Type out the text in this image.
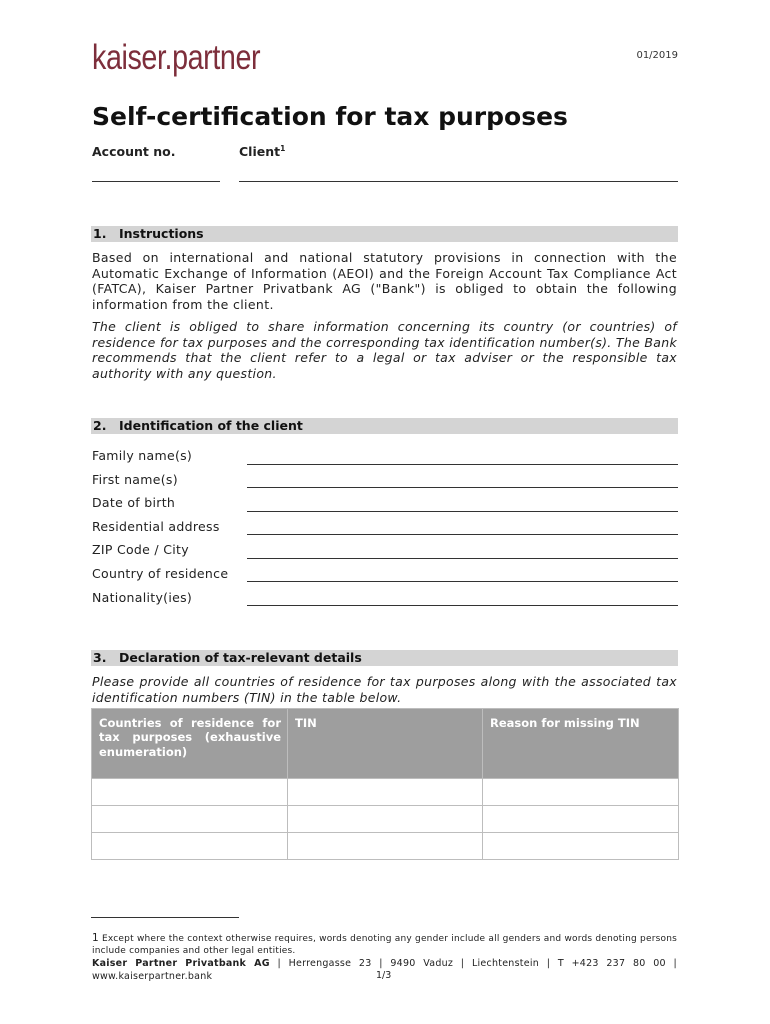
kaiser.partner	01/2019
Self-certification for tax purposes
Account no.	Client$^1$
1. Instructions
Based on international and national statutory provisions in connection with the Automatic Exchange of Information (AEOI) and the Foreign Account Tax Compliance Act (FATCA), Kaiser Partner Privatbank AG ("Bank") is obliged to obtain the following information from the client.
The client is obliged to share information concerning its country (or countries) of residence for tax purposes and the corresponding tax identification number(s). The Bank recommends that the client refer to a legal or tax adviser or the responsible tax authority with any question.
2. Identification of the client
Family name(s)
First name(s)
Date of birth
Residential address
ZIP Code / City
Country of residence
Nationality(ies)
3. Declaration of tax-relevant details
Please provide all countries of residence for tax purposes along with the associated tax identification numbers (TIN) in the table below.
Countries of residence for tax purposes (exhaustive enumeration)	TIN	Reason for missing TIN

1 Except where the context otherwise requires, words denoting any gender include all genders and words denoting persons include companies and other legal entities.
Kaiser Partner Privatbank AG | Herrengasse 23 | 9490 Vaduz | Liechtenstein | T +423 237 80 00 | www.kaiserpartner.bank	1/3
